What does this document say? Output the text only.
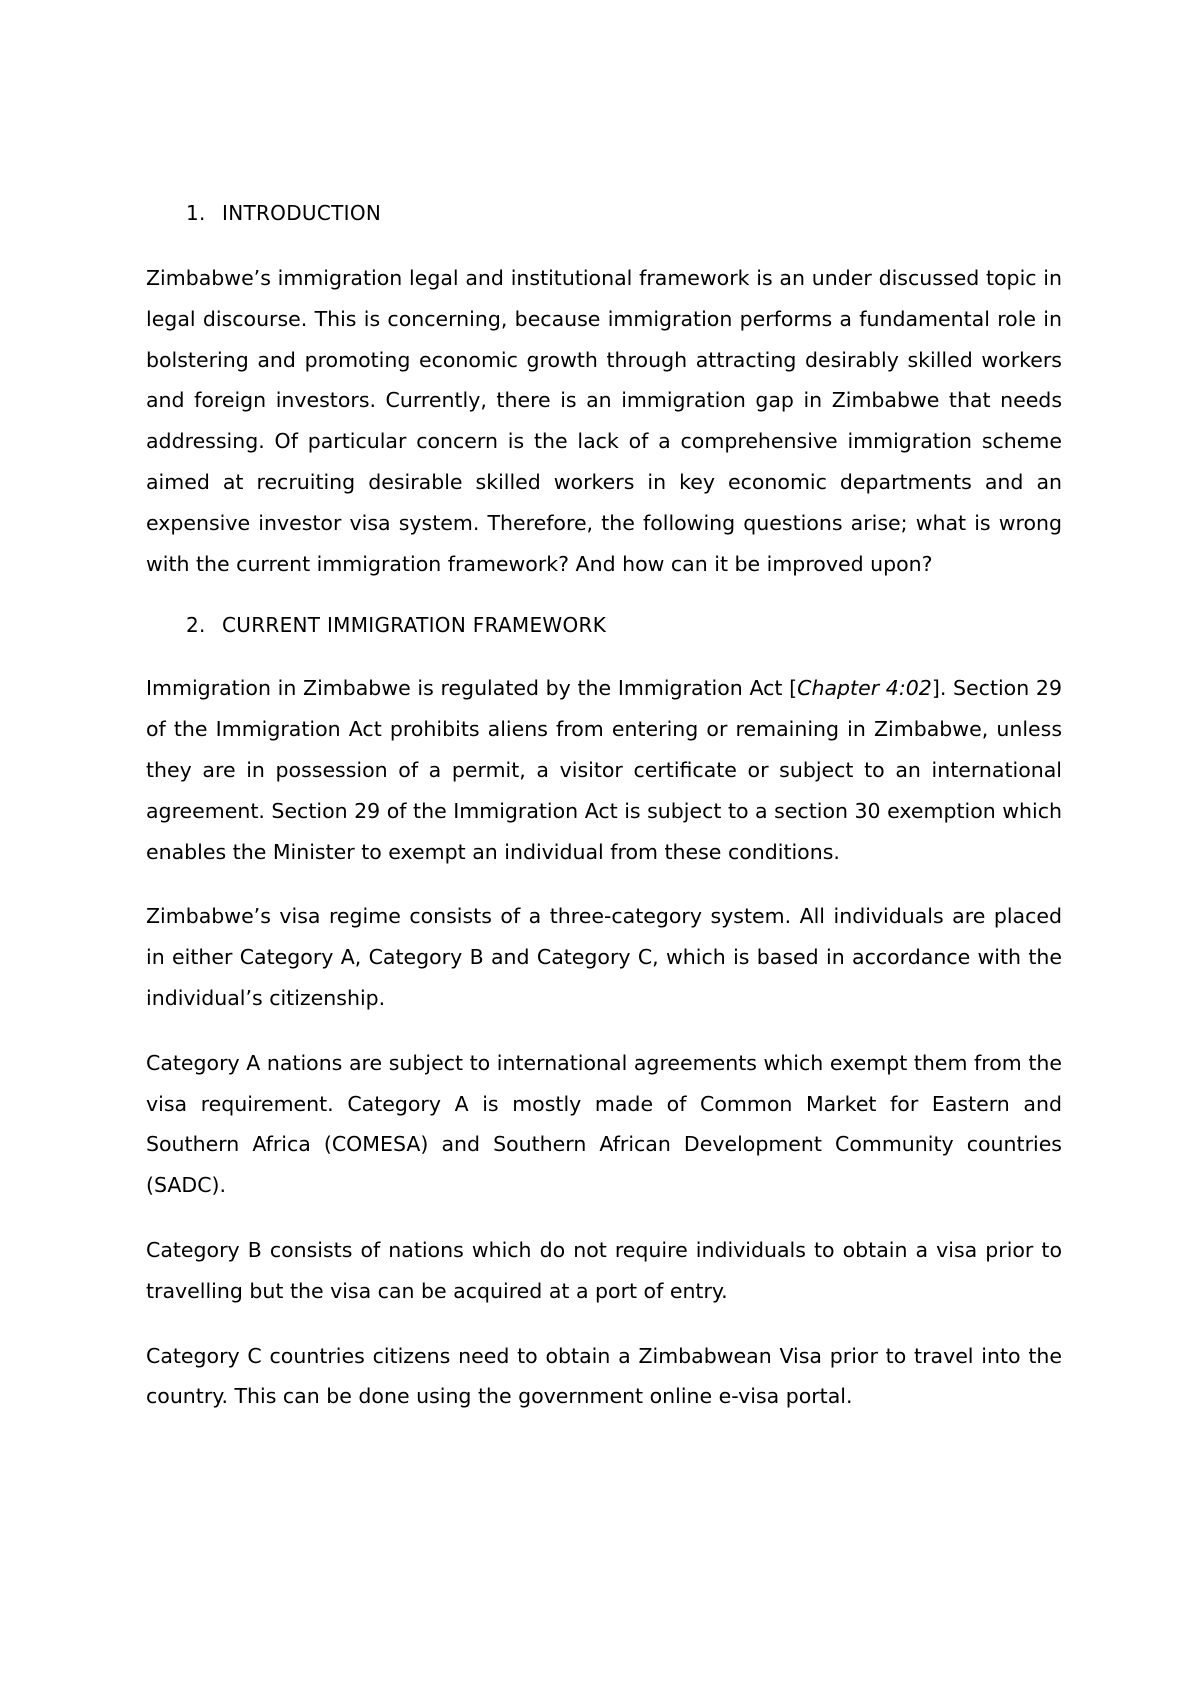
1. INTRODUCTION

Zimbabwe’s immigration legal and institutional framework is an under discussed topic in legal discourse. This is concerning, because immigration performs a fundamental role in bolstering and promoting economic growth through attracting desirably skilled workers and foreign investors. Currently, there is an immigration gap in Zimbabwe that needs addressing. Of particular concern is the lack of a comprehensive immigration scheme aimed at recruiting desirable skilled workers in key economic departments and an expensive investor visa system. Therefore, the following questions arise; what is wrong with the current immigration framework? And how can it be improved upon?

2. CURRENT IMMIGRATION FRAMEWORK

Immigration in Zimbabwe is regulated by the Immigration Act [Chapter 4:02]. Section 29 of the Immigration Act prohibits aliens from entering or remaining in Zimbabwe, unless they are in possession of a permit, a visitor certificate or subject to an international agreement. Section 29 of the Immigration Act is subject to a section 30 exemption which enables the Minister to exempt an individual from these conditions.

Zimbabwe’s visa regime consists of a three-category system. All individuals are placed in either Category A, Category B and Category C, which is based in accordance with the individual’s citizenship.

Category A nations are subject to international agreements which exempt them from the visa requirement. Category A is mostly made of Common Market for Eastern and Southern Africa (COMESA) and Southern African Development Community countries (SADC).

Category B consists of nations which do not require individuals to obtain a visa prior to travelling but the visa can be acquired at a port of entry.

Category C countries citizens need to obtain a Zimbabwean Visa prior to travel into the country. This can be done using the government online e-visa portal.
